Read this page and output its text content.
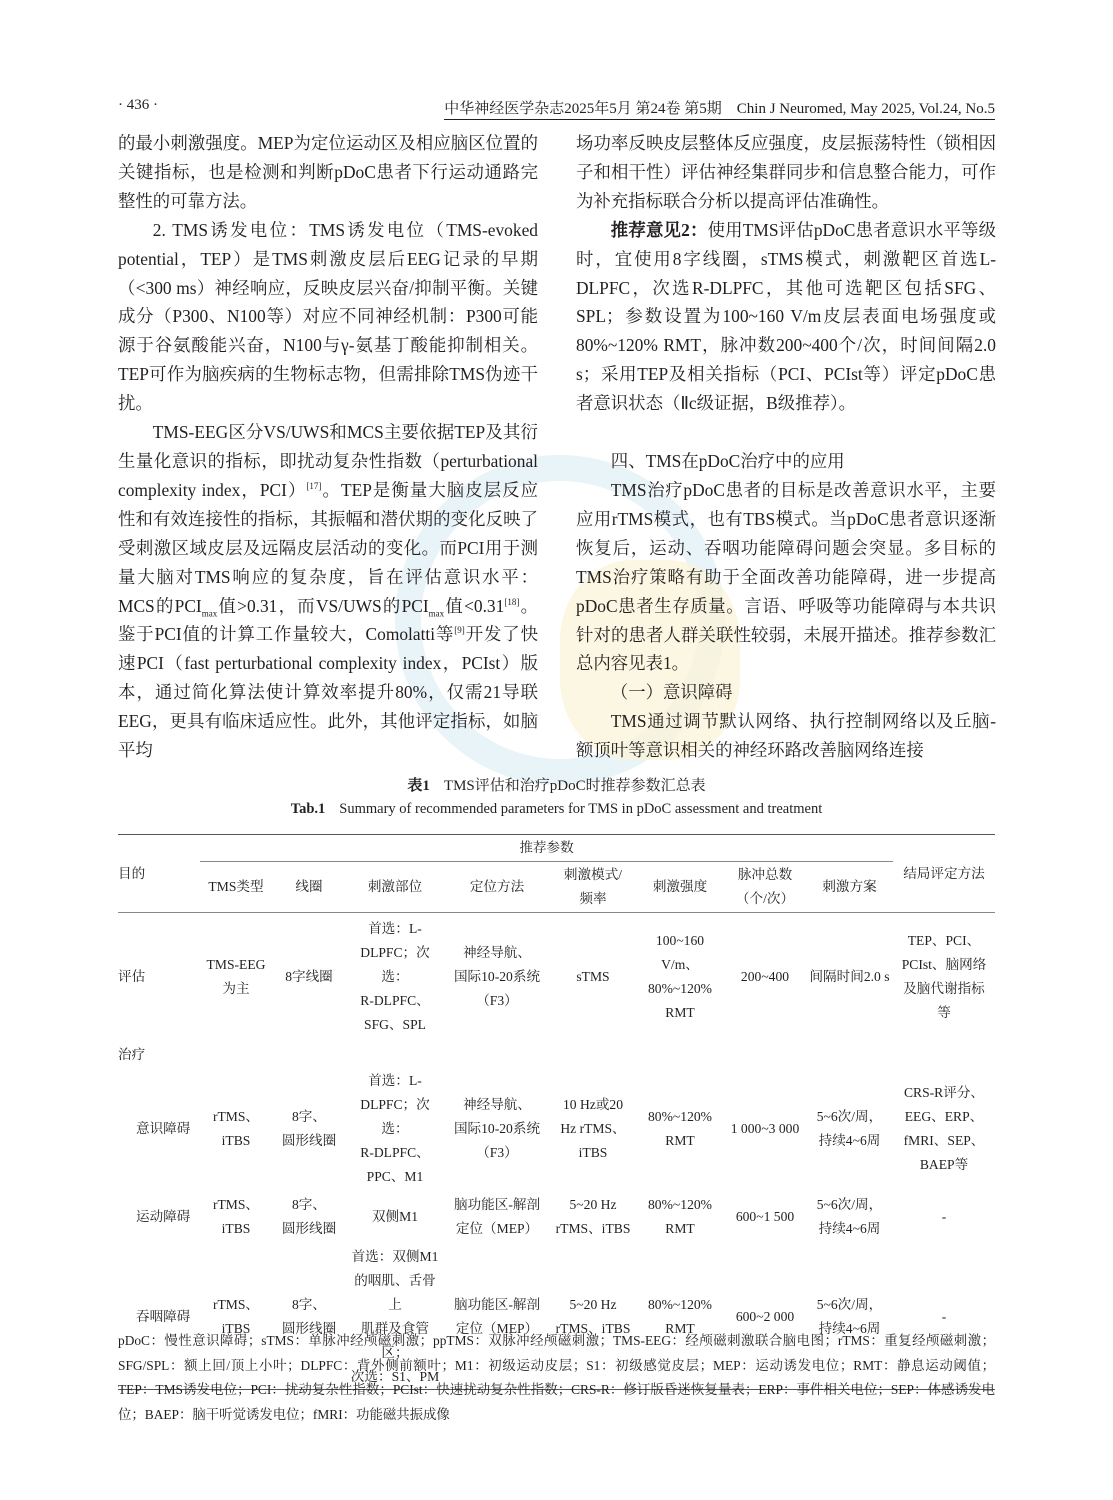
· 436 ·	中华神经医学杂志2025年5月 第24卷 第5期　Chin J Neuromed, May 2025, Vol.24, No.5

的最小刺激强度。MEP为定位运动区及相应脑区位置的关键指标，也是检测和判断pDoC患者下行运动通路完整性的可靠方法。

2. TMS诱发电位：TMS诱发电位（TMS-evoked potential，TEP）是TMS刺激皮层后EEG记录的早期（<300 ms）神经响应，反映皮层兴奋/抑制平衡。关键成分（P300、N100等）对应不同神经机制：P300可能源于谷氨酸能兴奋，N100与γ-氨基丁酸能抑制相关。TEP可作为脑疾病的生物标志物，但需排除TMS伪迹干扰。

TMS-EEG区分VS/UWS和MCS主要依据TEP及其衍生量化意识的指标，即扰动复杂性指数（perturbational complexity index，PCI）[17]。TEP是衡量大脑皮层反应性和有效连接性的指标，其振幅和潜伏期的变化反映了受刺激区域皮层及远隔皮层活动的变化。而PCI用于测量大脑对TMS响应的复杂度，旨在评估意识水平：MCS的$PCI_{max}$值>0.31，而VS/UWS的$PCI_{max}$值<0.31[18]。鉴于PCI值的计算工作量较大，Comolatti等[9]开发了快速PCI（fast perturbational complexity index，PCIst）版本，通过简化算法使计算效率提升80%，仅需21导联EEG，更具有临床适应性。此外，其他评定指标，如脑平均

场功率反映皮层整体反应强度，皮层振荡特性（锁相因子和相干性）评估神经集群同步和信息整合能力，可作为补充指标联合分析以提高评估准确性。

推荐意见2：使用TMS评估pDoC患者意识水平等级时，宜使用8字线圈，sTMS模式，刺激靶区首选L-DLPFC，次选R-DLPFC，其他可选靶区包括SFG、SPL；参数设置为100~160 V/m皮层表面电场强度或80%~120% RMT，脉冲数200~400个/次，时间间隔2.0 s；采用TEP及相关指标（PCI、PCIst等）评定pDoC患者意识状态（Ⅱc级证据，B级推荐）。

四、TMS在pDoC治疗中的应用

TMS治疗pDoC患者的目标是改善意识水平，主要应用rTMS模式，也有TBS模式。当pDoC患者意识逐渐恢复后，运动、吞咽功能障碍问题会突显。多目标的TMS治疗策略有助于全面改善功能障碍，进一步提高pDoC患者生存质量。言语、呼吸等功能障碍与本共识针对的患者人群关联性较弱，未展开描述。推荐参数汇总内容见表1。

（一）意识障碍

TMS通过调节默认网络、执行控制网络以及丘脑-额顶叶等意识相关的神经环路改善脑网络连接

表1 TMS评估和治疗pDoC时推荐参数汇总表
Tab.1 Summary of recommended parameters for TMS in pDoC assessment and treatment
目的	推荐参数								结局评定方法
	TMS类型	线圈	刺激部位	定位方法	刺激模式/
频率	刺激强度	脉冲总数
（个/次）	刺激方案	
评估	TMS-EEG
为主	8字线圈	首选：L-
DLPFC；次选：
R-DLPFC、
SFG、SPL	神经导航、
国际10-20系统
（F3）	sTMS	100~160 V/m、
80%~120%
RMT	200~400	间隔时间2.0 s	TEP、PCI、
PCIst、脑网络
及脑代谢指标
等
治疗									
意识障碍	rTMS、
iTBS	8字、
圆形线圈	首选：L-
DLPFC；次选：
R-DLPFC、
PPC、M1	神经导航、
国际10-20系统
（F3）	10 Hz或20
Hz rTMS、
iTBS	80%~120%
RMT	1 000~3 000	5~6次/周，
持续4~6周	CRS-R评分、
EEG、ERP、
fMRI、SEP、
BAEP等
运动障碍	rTMS、
iTBS	8字、
圆形线圈	双侧M1	脑功能区-解剖
定位（MEP）	5~20 Hz
rTMS、iTBS	80%~120%
RMT	600~1 500	5~6次/周，
持续4~6周	-
吞咽障碍	rTMS、
iTBS	8字、
圆形线圈	首选：双侧M1
的咽肌、舌骨上
肌群及食管区；
次选：S1、PM	脑功能区-解剖
定位（MEP）	5~20 Hz
rTMS、iTBS	80%~120%
RMT	600~2 000	5~6次/周，
持续4~6周	-
pDoC：慢性意识障碍；sTMS：单脉冲经颅磁刺激；ppTMS：双脉冲经颅磁刺激；TMS-EEG：经颅磁刺激联合脑电图；rTMS：重复经颅磁刺激；SFG/SPL：额上回/顶上小叶；DLPFC：背外侧前额叶；M1：初级运动皮层；S1：初级感觉皮层；MEP：运动诱发电位；RMT：静息运动阈值；TEP：TMS诱发电位；PCI：扰动复杂性指数；PCIst：快速扰动复杂性指数；CRS-R：修订版昏迷恢复量表；ERP：事件相关电位；SEP：体感诱发电位；BAEP：脑干听觉诱发电位；fMRI：功能磁共振成像
